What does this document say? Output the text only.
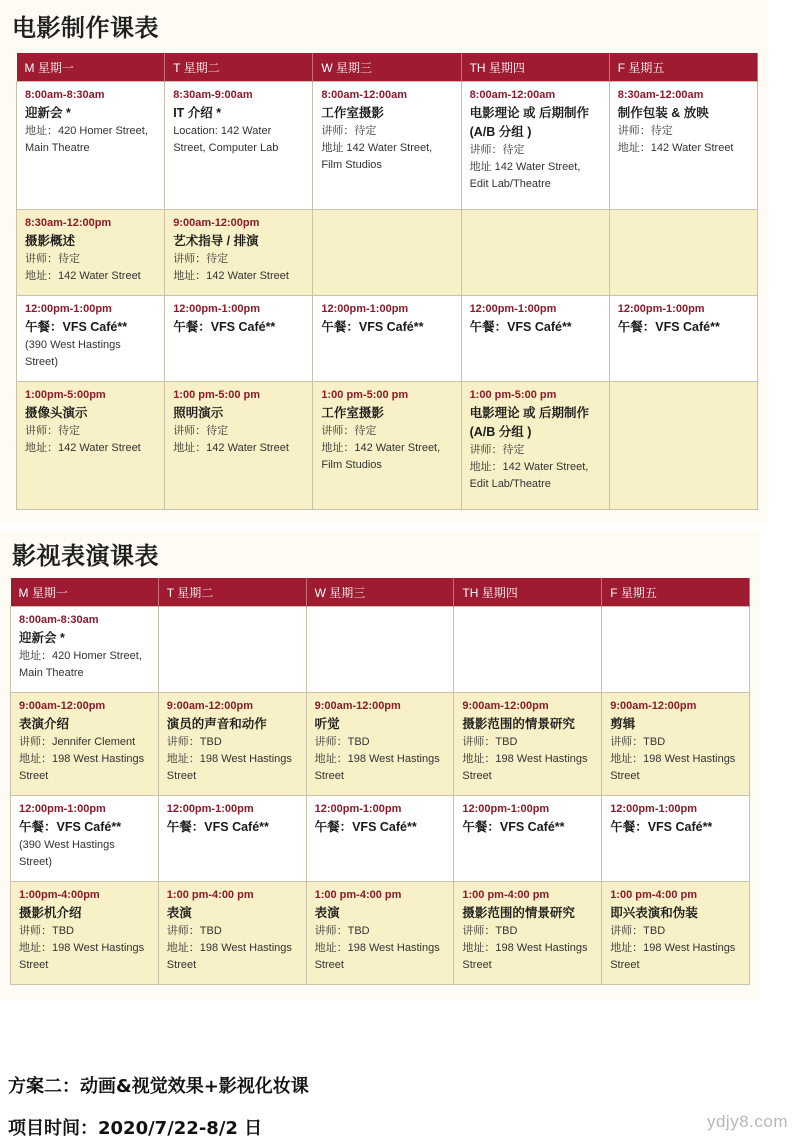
电影制作课表
M 星期一	T 星期二	W 星期三	TH 星期四	F 星期五

8:00am-8:30am
迎新会 *
地址：420 Homer Street,
Main Theatre	8:30am-9:00am
IT 介绍 *
Location: 142 Water
Street, Computer Lab	8:00am-12:00am
工作室摄影
讲师：待定
地址 142 Water Street,
Film Studios	8:00am-12:00am
电影理论 或 后期制作 (A/B 分组 )
讲师：待定
地址 142 Water Street,
Edit Lab/Theatre	8:30am-12:00am
制作包装 & 放映
讲师：待定
地址：142 Water Street

8:30am-12:00pm
摄影概述
讲师：待定
地址：142 Water Street	9:00am-12:00pm
艺术指导 / 排演
讲师：待定
地址：142 Water Street			

12:00pm-1:00pm
午餐：VFS Café**
(390 West Hastings
Street)	12:00pm-1:00pm
午餐：VFS Café**	12:00pm-1:00pm
午餐：VFS Café**	12:00pm-1:00pm
午餐：VFS Café**	12:00pm-1:00pm
午餐：VFS Café**

1:00pm-5:00pm
摄像头演示
讲师：待定
地址：142 Water Street	1:00 pm-5:00 pm
照明演示
讲师：待定
地址：142 Water Street	1:00 pm-5:00 pm
工作室摄影
讲师：待定
地址：142 Water Street,
Film Studios	1:00 pm-5:00 pm
电影理论 或 后期制作 (A/B 分组 )
讲师：待定
地址：142 Water Street,
Edit Lab/Theatre	

影视表演课表
M 星期一	T 星期二	W 星期三	TH 星期四	F 星期五

8:00am-8:30am
迎新会 *
地址：420 Homer Street,
Main Theatre				

9:00am-12:00pm
表演介绍
讲师：Jennifer Clement
地址：198 West Hastings
Street	9:00am-12:00pm
演员的声音和动作
讲师：TBD
地址：198 West Hastings
Street	9:00am-12:00pm
听觉
讲师：TBD
地址：198 West Hastings
Street	9:00am-12:00pm
摄影范围的情景研究
讲师：TBD
地址：198 West Hastings
Street	9:00am-12:00pm
剪辑
讲师：TBD
地址：198 West Hastings
Street

12:00pm-1:00pm
午餐：VFS Café**
(390 West Hastings
Street)	12:00pm-1:00pm
午餐：VFS Café**	12:00pm-1:00pm
午餐：VFS Café**	12:00pm-1:00pm
午餐：VFS Café**	12:00pm-1:00pm
午餐：VFS Café**

1:00pm-4:00pm
摄影机介绍
讲师：TBD
地址：198 West Hastings
Street	1:00 pm-4:00 pm
表演
讲师：TBD
地址：198 West Hastings
Street	1:00 pm-4:00 pm
表演
讲师：TBD
地址：198 West Hastings
Street	1:00 pm-4:00 pm
摄影范围的情景研究
讲师：TBD
地址：198 West Hastings
Street	1:00 pm-4:00 pm
即兴表演和伪装
讲师：TBD
地址：198 West Hastings
Street
方案二：动画&视觉效果+影视化妆课
项目时间：2020/7/22-8/2 日	ydjy8.com
